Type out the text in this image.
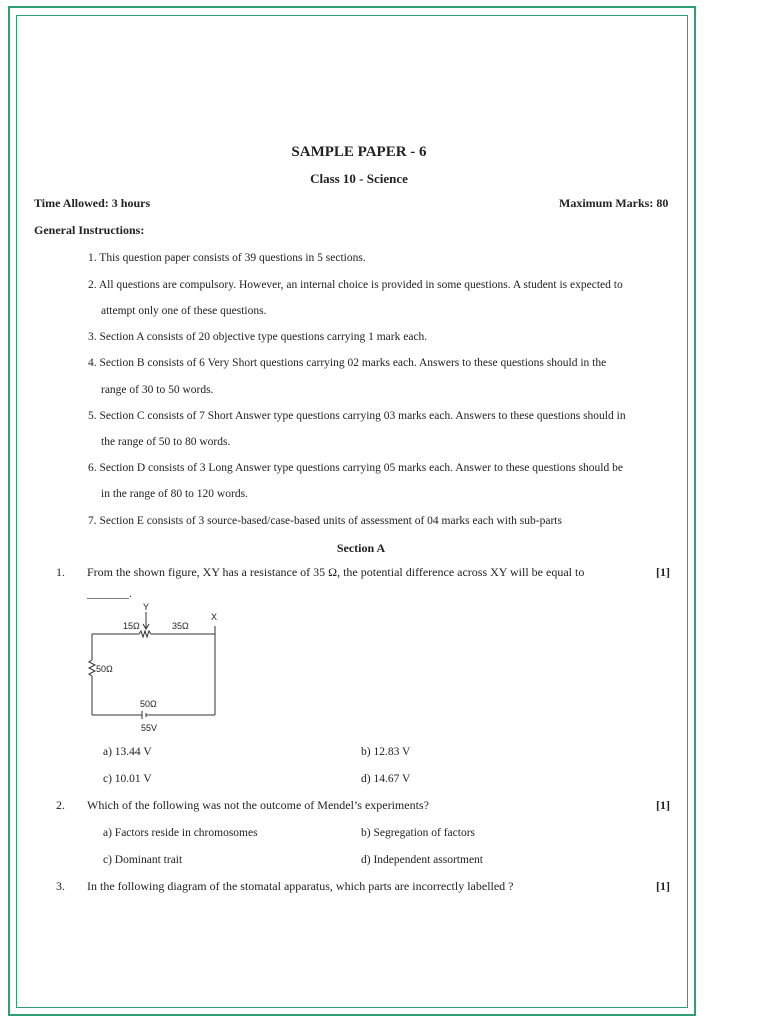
SAMPLE PAPER - 6
Class 10 - Science
Time Allowed: 3 hours	Maximum Marks: 80
General Instructions:
1. This question paper consists of 39 questions in 5 sections.
2. All questions are compulsory. However, an internal choice is provided in some questions. A student is expected to
attempt only one of these questions.
3. Section A consists of 20 objective type questions carrying 1 mark each.
4. Section B consists of 6 Very Short questions carrying 02 marks each. Answers to these questions should in the
range of 30 to 50 words.
5. Section C consists of 7 Short Answer type questions carrying 03 marks each. Answers to these questions should in
the range of 50 to 80 words.
6. Section D consists of 3 Long Answer type questions carrying 05 marks each. Answer to these questions should be
in the range of 80 to 120 words.
7. Section E consists of 3 source-based/case-based units of assessment of 04 marks each with sub-parts
Section A
1. From the shown figure, XY has a resistance of 35 Ω, the potential difference across XY will be equal to	[1]
_______.
Y
X
15Ω	35Ω
50Ω
50Ω
55V
a) 13.44 V	b) 12.83 V
c) 10.01 V	d) 14.67 V
2. Which of the following was not the outcome of Mendel’s experiments?	[1]
a) Factors reside in chromosomes	b) Segregation of factors
c) Dominant trait	d) Independent assortment
3. In the following diagram of the stomatal apparatus, which parts are incorrectly labelled ?	[1]
